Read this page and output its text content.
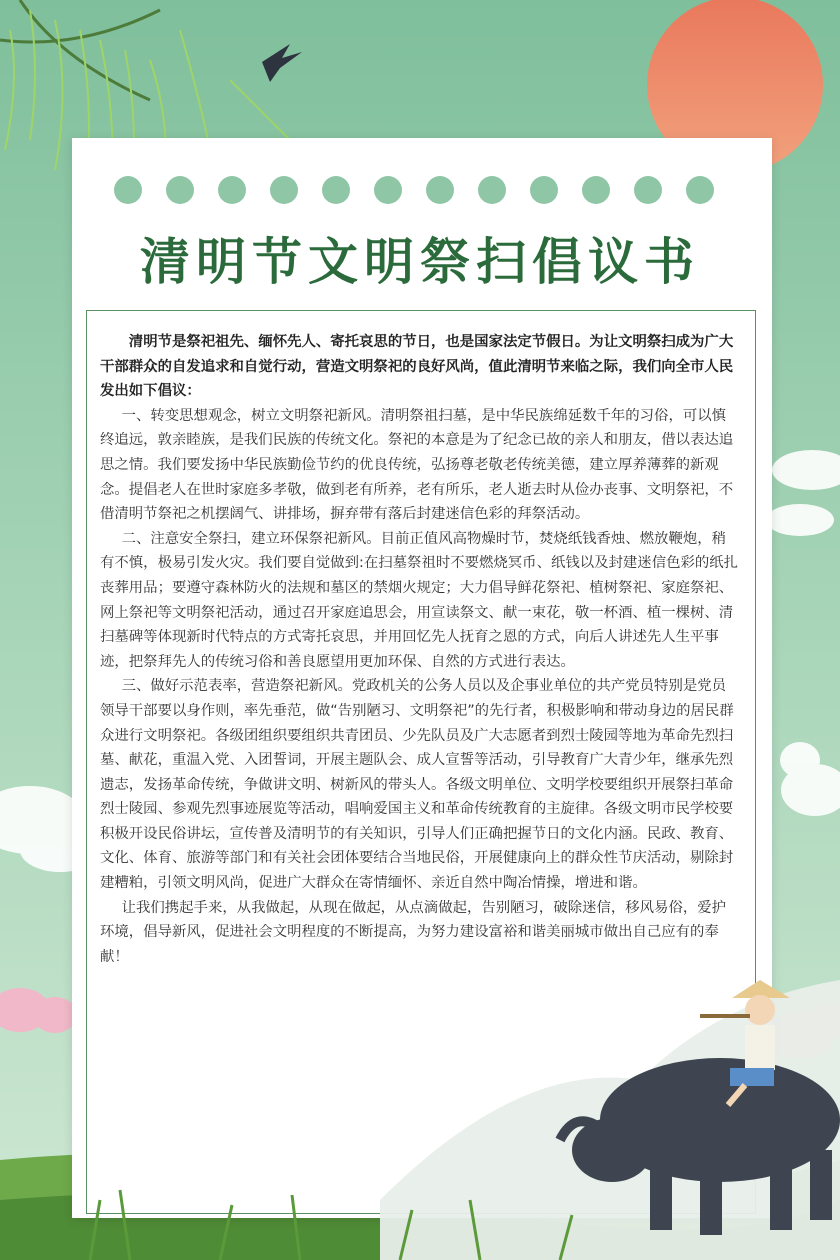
清明节文明祭扫倡议书

清明节是祭祀祖先、缅怀先人、寄托哀思的节日，也是国家法定节假日。为让文明祭扫成为广大干部群众的自发追求和自觉行动，营造文明祭祀的良好风尚，值此清明节来临之际，我们向全市人民发出如下倡议：

一、转变思想观念，树立文明祭祀新风。清明祭祖扫墓，是中华民族绵延数千年的习俗，可以慎终追远，敦亲睦族，是我们民族的传统文化。祭祀的本意是为了纪念已故的亲人和朋友，借以表达追思之情。我们要发扬中华民族勤俭节约的优良传统，弘扬尊老敬老传统美德，建立厚养薄葬的新观念。提倡老人在世时家庭多孝敬，做到老有所养，老有所乐，老人逝去时从俭办丧事、文明祭祀，不借清明节祭祀之机摆阔气、讲排场，摒弃带有落后封建迷信色彩的拜祭活动。

二、注意安全祭扫，建立环保祭祀新风。目前正值风高物燥时节，焚烧纸钱香烛、燃放鞭炮，稍有不慎，极易引发火灾。我们要自觉做到:在扫墓祭祖时不要燃烧冥币、纸钱以及封建迷信色彩的纸扎丧葬用品；要遵守森林防火的法规和墓区的禁烟火规定；大力倡导鲜花祭祀、植树祭祀、家庭祭祀、网上祭祀等文明祭祀活动，通过召开家庭追思会，用宣读祭文、献一束花，敬一杯酒、植一棵树、清扫墓碑等体现新时代特点的方式寄托哀思，并用回忆先人抚育之恩的方式，向后人讲述先人生平事迹，把祭拜先人的传统习俗和善良愿望用更加环保、自然的方式进行表达。

三、做好示范表率，营造祭祀新风。党政机关的公务人员以及企事业单位的共产党员特别是党员领导干部要以身作则，率先垂范，做“告别陋习、文明祭祀”的先行者，积极影响和带动身边的居民群众进行文明祭祀。各级团组织要组织共青团员、少先队员及广大志愿者到烈士陵园等地为革命先烈扫墓、献花，重温入党、入团誓词，开展主题队会、成人宣誓等活动，引导教育广大青少年，继承先烈遗志，发扬革命传统，争做讲文明、树新风的带头人。各级文明单位、文明学校要组织开展祭扫革命烈士陵园、参观先烈事迹展览等活动，唱响爱国主义和革命传统教育的主旋律。各级文明市民学校要积极开设民俗讲坛，宣传普及清明节的有关知识，引导人们正确把握节日的文化内涵。民政、教育、文化、体育、旅游等部门和有关社会团体要结合当地民俗，开展健康向上的群众性节庆活动，剔除封建糟粕，引领文明风尚，促进广大群众在寄情缅怀、亲近自然中陶冶情操，增进和谐。

让我们携起手来，从我做起，从现在做起，从点滴做起，告别陋习，破除迷信，移风易俗，爱护环境，倡导新风，促进社会文明程度的不断提高，为努力建设富裕和谐美丽城市做出自己应有的奉献！
